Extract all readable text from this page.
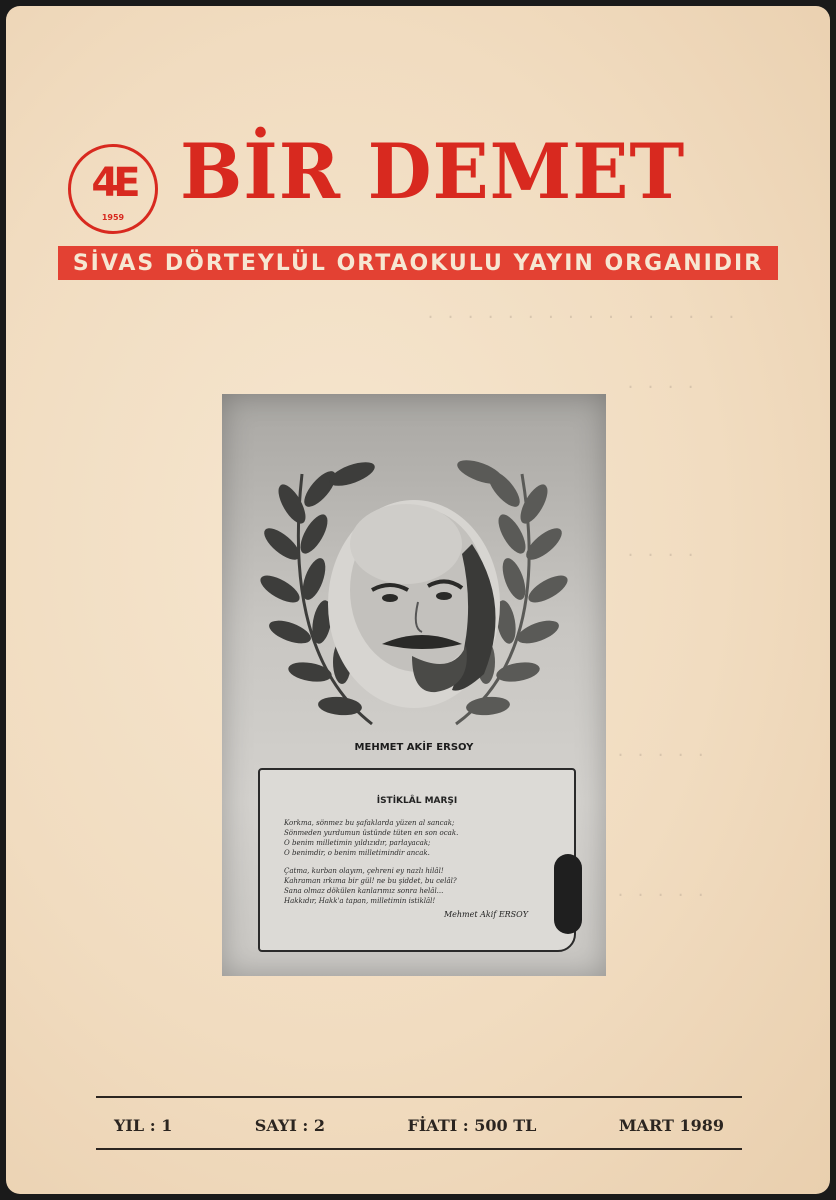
· · · · · · · · · · · · · · · ·
· · · ·
· · · ·
· · · · ·
· · · · ·
4E
1959
BİR DEMET
SİVAS DÖRTEYLÜL ORTAOKULU YAYIN ORGANIDIR
MEHMET AKİF ERSOY
İSTİKLÂL MARŞI
Korkma, sönmez bu şafaklarda yüzen al sancak;
Sönmeden yurdumun üstünde tüten en son ocak.
O benim milletimin yıldızıdır, parlayacak;
O benimdir, o benim milletimindir ancak.
Çatma, kurban olayım, çehreni ey nazlı hilâl!
Kahraman ırkıma bir gül! ne bu şiddet, bu celâl?
Sana olmaz dökülen kanlarımız sonra helâl...
Hakkıdır, Hakk'a tapan, milletimin istiklâl!
Mehmet Akif ERSOY
YIL : 1	SAYI : 2	FİATI : 500 TL	MART 1989
